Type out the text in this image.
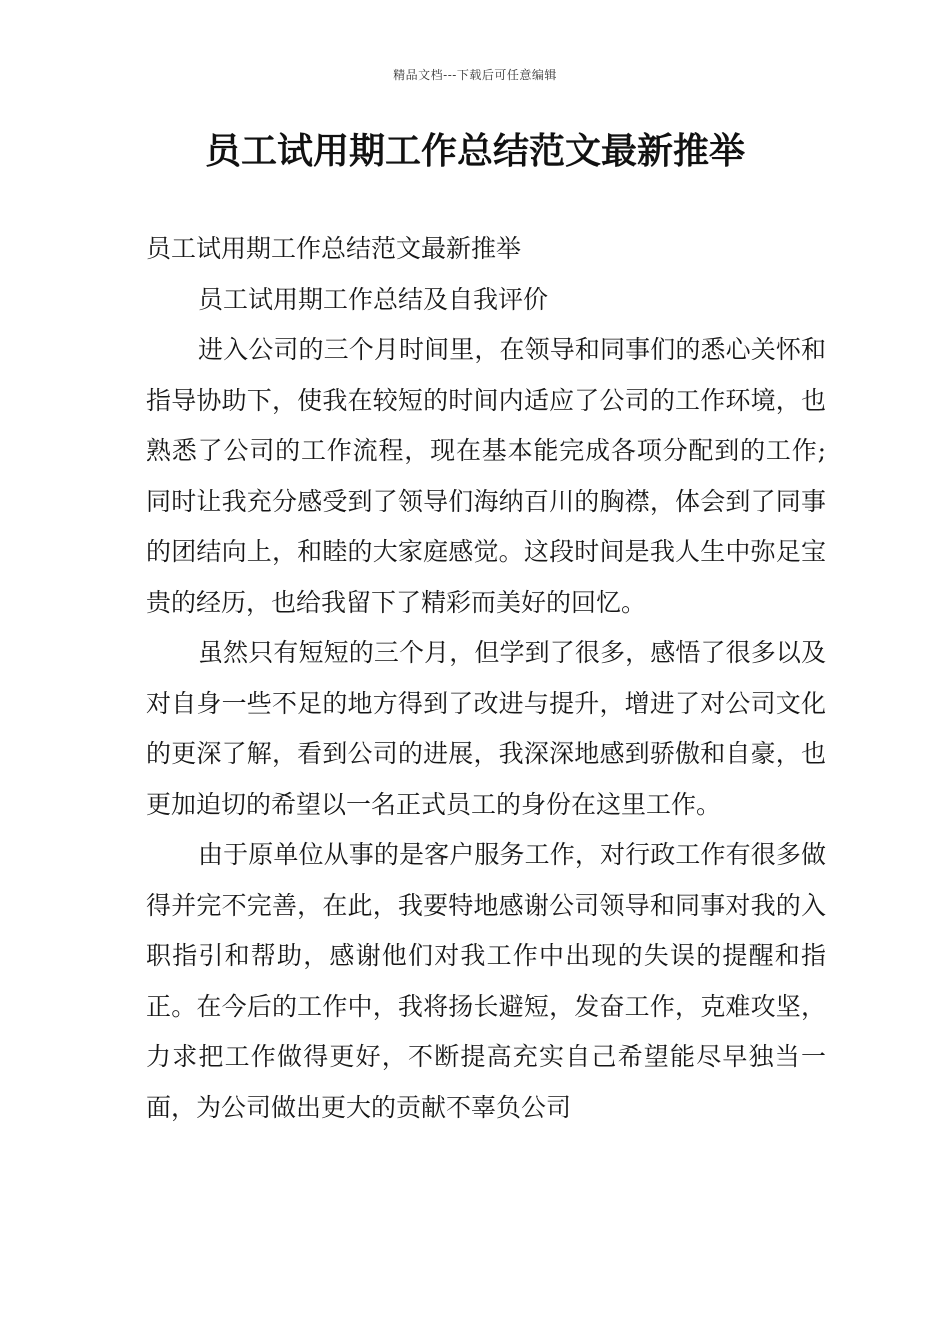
精品文档---下载后可任意编辑
员工试用期工作总结范文最新推举

员工试用期工作总结范文最新推举

员工试用期工作总结及自我评价

进入公司的三个月时间里，在领导和同事们的悉心关怀和指导协助下，使我在较短的时间内适应了公司的工作环境，也熟悉了公司的工作流程，现在基本能完成各项分配到的工作;同时让我充分感受到了领导们海纳百川的胸襟，体会到了同事的团结向上，和睦的大家庭感觉。这段时间是我人生中弥足宝贵的经历，也给我留下了精彩而美好的回忆。

虽然只有短短的三个月，但学到了很多，感悟了很多以及对自身一些不足的地方得到了改进与提升，增进了对公司文化的更深了解，看到公司的进展，我深深地感到骄傲和自豪，也更加迫切的希望以一名正式员工的身份在这里工作。

由于原单位从事的是客户服务工作，对行政工作有很多做得并完不完善，在此，我要特地感谢公司领导和同事对我的入职指引和帮助，感谢他们对我工作中出现的失误的提醒和指正。在今后的工作中，我将扬长避短，发奋工作，克难攻坚，力求把工作做得更好，不断提高充实自己希望能尽早独当一面，为公司做出更大的贡献不辜负公司
